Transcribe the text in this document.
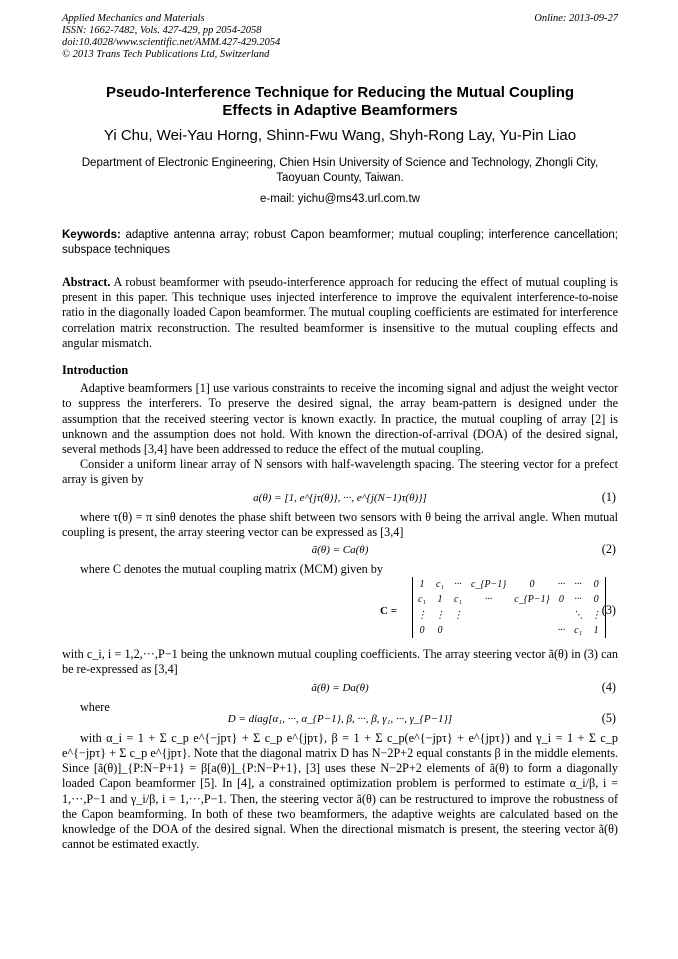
Applied Mechanics and Materials
ISSN: 1662-7482, Vols. 427-429, pp 2054-2058
doi:10.4028/www.scientific.net/AMM.427-429.2054
© 2013 Trans Tech Publications Ltd, Switzerland
Online: 2013-09-27
Pseudo-Interference Technique for Reducing the Mutual Coupling
Effects in Adaptive Beamformers
Yi Chu, Wei-Yau Horng, Shinn-Fwu Wang, Shyh-Rong Lay, Yu-Pin Liao
Department of Electronic Engineering, Chien Hsin University of Science and Technology, Zhongli City, Taoyuan County, Taiwan.
e-mail: yichu@ms43.url.com.tw
Keywords: adaptive antenna array; robust Capon beamformer; mutual coupling; interference cancellation; subspace techniques

Abstract. A robust beamformer with pseudo-interference approach for reducing the effect of mutual coupling is present in this paper. This technique uses injected interference to improve the equivalent interference-to-noise ratio in the diagonally loaded Capon beamformer. The mutual coupling coefficients are estimated for interference correlation matrix reconstruction. The resulted beamformer is insensitive to the mutual coupling effects and angular mismatch.

Introduction

Adaptive beamformers [1] use various constraints to receive the incoming signal and adjust the weight vector to suppress the interferers. To preserve the desired signal, the array beam-pattern is designed under the assumption that the received steering vector is known exactly. In practice, the mutual coupling of array [2] is unknown and the assumption does not hold. With known the direction-of-arrival (DOA) of the desired signal, several methods [3,4] have been addressed to reduce the effect of the mutual coupling.

Consider a uniform linear array of N sensors with half-wavelength spacing. The steering vector for a prefect array is given by

a(θ) = [1, e^{jτ(θ)}, ···, e^{j(N−1)τ(θ)}]	(1)

where τ(θ) = π sinθ denotes the phase shift between two sensors with θ being the arrival angle. When mutual coupling is present, the array steering vector can be expressed as [3,4]

ã(θ) = Ca(θ)	(2)

where C denotes the mutual coupling matrix (MCM) given by

C =
1	c₁	···	c_{P−1}	0	···	···	0
c₁	1	c₁	···	c_{P−1}	0	···	0
⋮	⋮	⋮				⋱	⋮
0	0				···	c₁	1
(3)

with c_i, i = 1,2,···,P−1 being the unknown mutual coupling coefficients. The array steering vector ã(θ) in (3) can be re-expressed as [3,4]

ã(θ) = Da(θ)	(4)

where

D = diag[α₁, ···, α_{P−1}, β, ···, β, γ₁, ···, γ_{P−1}]	(5)

with α_i = 1 + Σ c_p e^{−jpτ} + Σ c_p e^{jpτ}, β = 1 + Σ c_p(e^{−jpτ} + e^{jpτ}) and γ_i = 1 + Σ c_p e^{−jpτ} + Σ c_p e^{jpτ}. Note that the diagonal matrix D has N−2P+2 equal constants β in the middle elements. Since [ã(θ)]_{P:N−P+1} = β[a(θ)]_{P:N−P+1}, [3] uses these N−2P+2 elements of ã(θ) to form a diagonally loaded Capon beamformer [5]. In [4], a constrained optimization problem is performed to estimate α_i/β, i = 1,···,P−1 and γ_i/β, i = 1,···,P−1. Then, the steering vector ã(θ) can be restructured to improve the robustness of the Capon beamforming. In both of these two beamformers, the adaptive weights are calculated based on the knowledge of the DOA of the desired signal. When the directional mismatch is present, the steering vector ã(θ) cannot be estimated exactly.
